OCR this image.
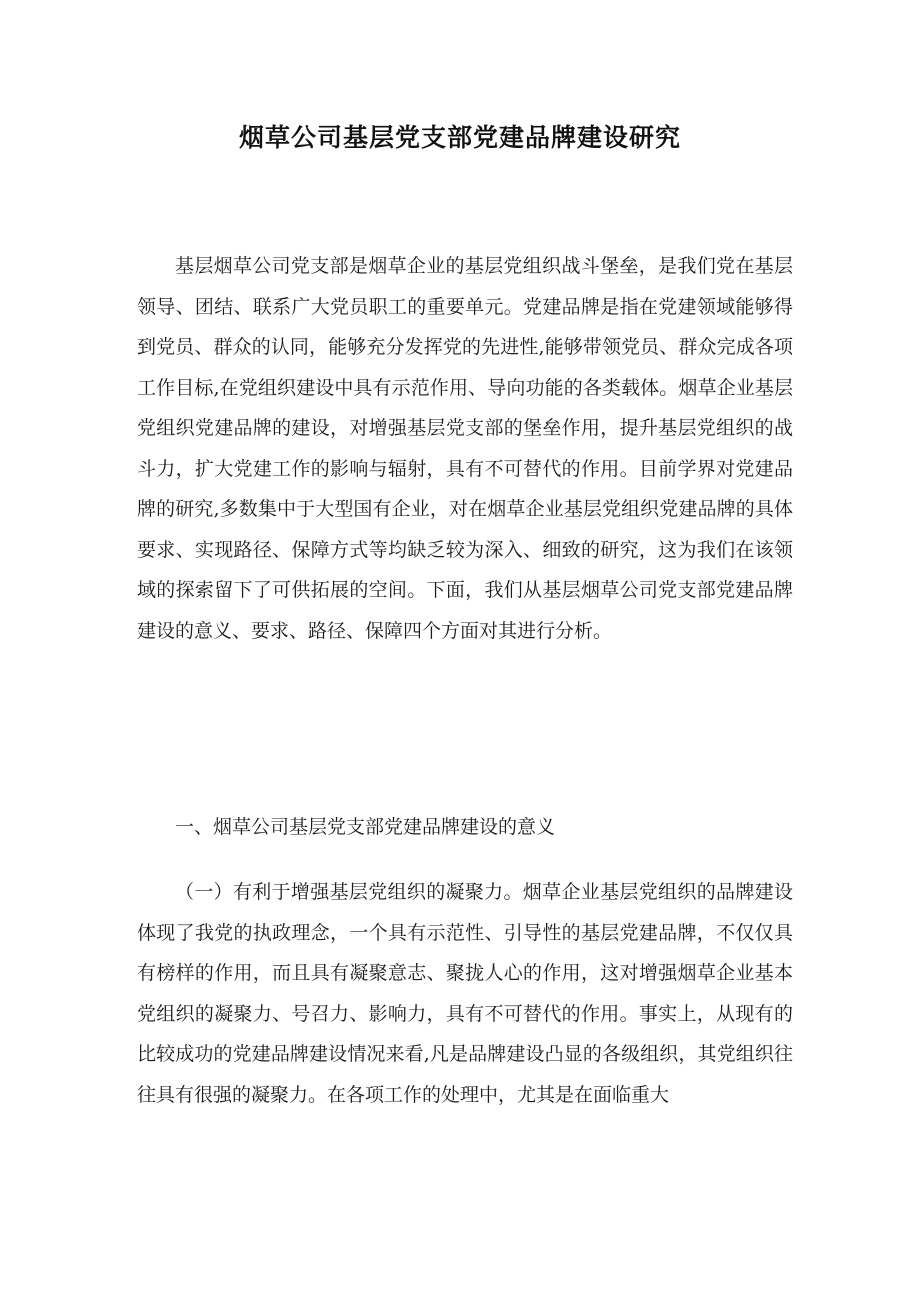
烟草公司基层党支部党建品牌建设研究

基层烟草公司党支部是烟草企业的基层党组织战斗堡垒，是我们党在基层领导、团结、联系广大党员职工的重要单元。党建品牌是指在党建领域能够得到党员、群众的认同，能够充分发挥党的先进性,能够带领党员、群众完成各项工作目标,在党组织建设中具有示范作用、导向功能的各类载体。烟草企业基层党组织党建品牌的建设，对增强基层党支部的堡垒作用，提升基层党组织的战斗力，扩大党建工作的影响与辐射，具有不可替代的作用。目前学界对党建品牌的研究,多数集中于大型国有企业，对在烟草企业基层党组织党建品牌的具体要求、实现路径、保障方式等均缺乏较为深入、细致的研究，这为我们在该领域的探索留下了可供拓展的空间。下面，我们从基层烟草公司党支部党建品牌建设的意义、要求、路径、保障四个方面对其进行分析。

一、烟草公司基层党支部党建品牌建设的意义

（一）有利于增强基层党组织的凝聚力。烟草企业基层党组织的品牌建设体现了我党的执政理念，一个具有示范性、引导性的基层党建品牌，不仅仅具有榜样的作用，而且具有凝聚意志、聚拢人心的作用，这对增强烟草企业基本党组织的凝聚力、号召力、影响力，具有不可替代的作用。事实上，从现有的比较成功的党建品牌建设情况来看,凡是品牌建设凸显的各级组织，其党组织往往具有很强的凝聚力。在各项工作的处理中，尤其是在面临重大
